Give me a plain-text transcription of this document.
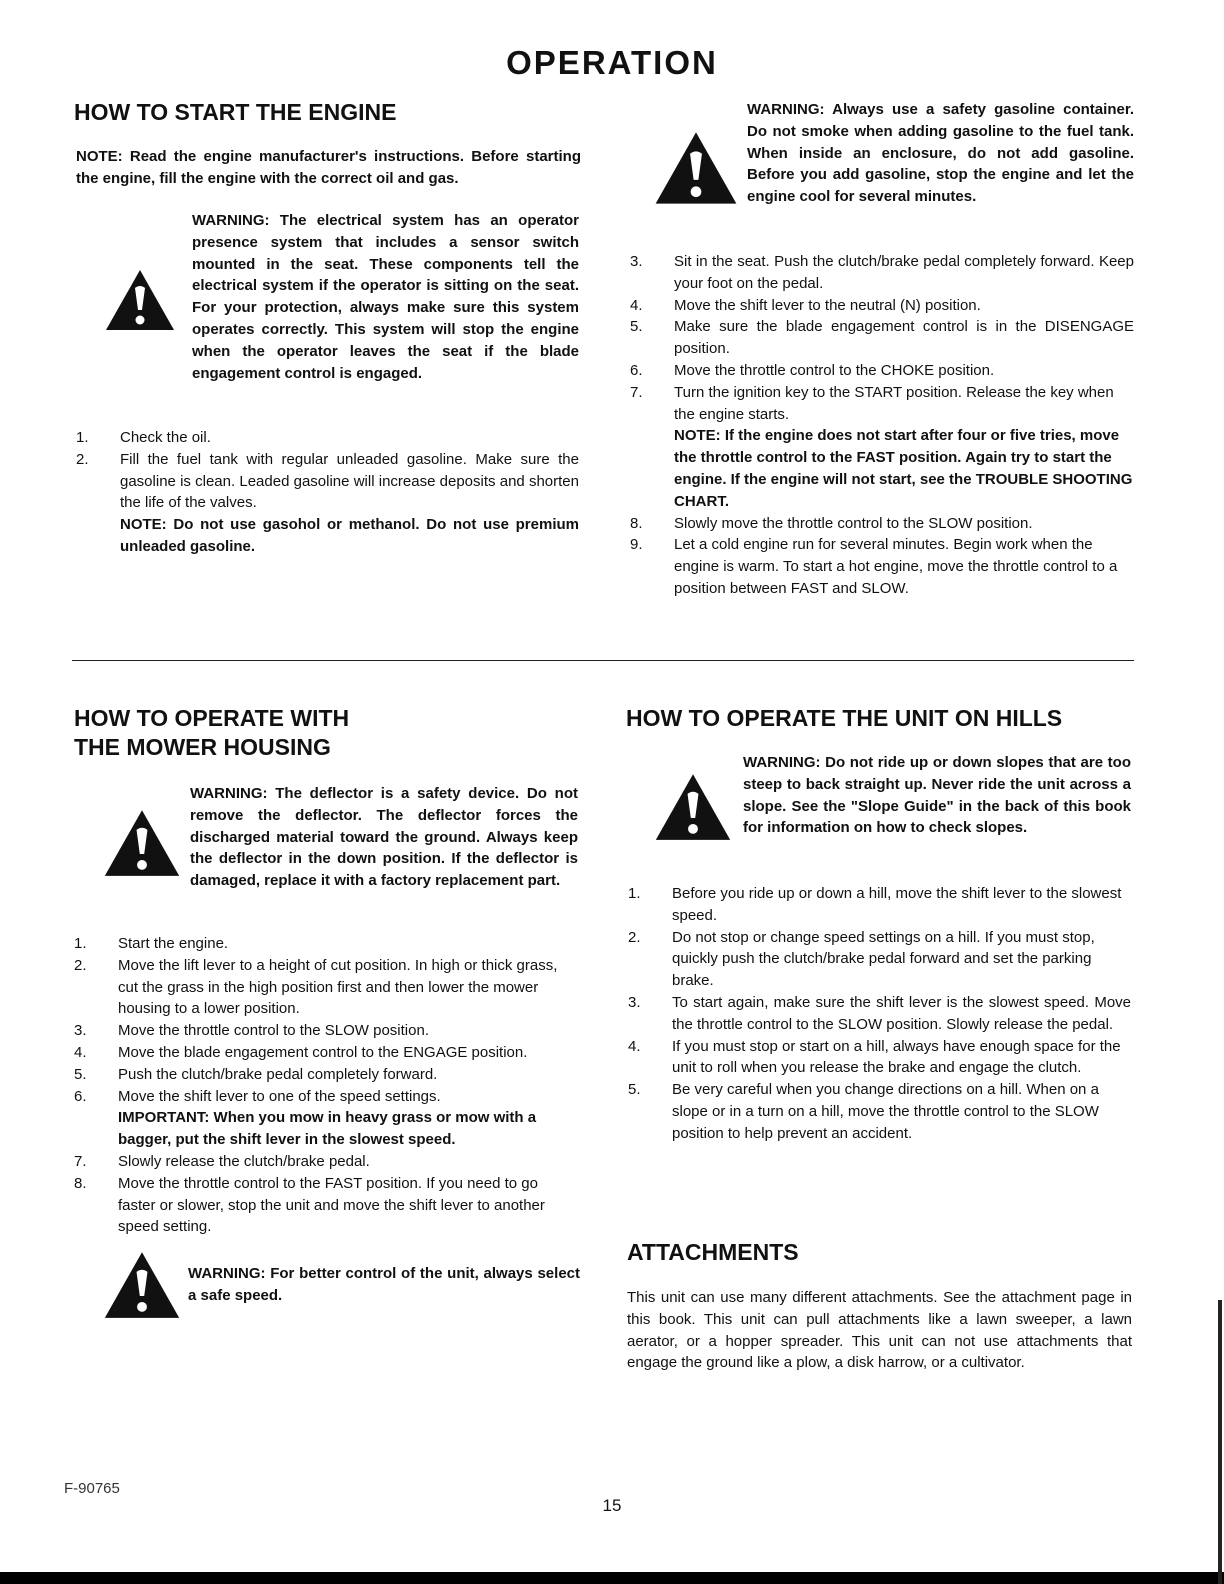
OPERATION
HOW TO START THE ENGINE
NOTE: Read the engine manufacturer's instructions. Before starting the engine, fill the engine with the correct oil and gas.
WARNING: The electrical system has an operator presence system that includes a sensor switch mounted in the seat. These components tell the electrical system if the operator is sitting on the seat. For your protection, always make sure this system operates correctly. This system will stop the engine when the operator leaves the seat if the blade engagement control is engaged.
1. Check the oil.
2. Fill the fuel tank with regular unleaded gasoline. Make sure the gasoline is clean. Leaded gasoline will increase deposits and shorten the life of the valves.
NOTE: Do not use gasohol or methanol. Do not use premium unleaded gasoline.
WARNING: Always use a safety gasoline container. Do not smoke when adding gasoline to the fuel tank. When inside an enclosure, do not add gasoline. Before you add gasoline, stop the engine and let the engine cool for several minutes.
3. Sit in the seat. Push the clutch/brake pedal completely forward. Keep your foot on the pedal.
4. Move the shift lever to the neutral (N) position.
5. Make sure the blade engagement control is in the DISENGAGE position.
6. Move the throttle control to the CHOKE position.
7. Turn the ignition key to the START position. Release the key when the engine starts.
NOTE: If the engine does not start after four or five tries, move the throttle control to the FAST position. Again try to start the engine. If the engine will not start, see the TROUBLE SHOOTING CHART.
8. Slowly move the throttle control to the SLOW position.
9. Let a cold engine run for several minutes. Begin work when the engine is warm. To start a hot engine, move the throttle control to a position between FAST and SLOW.
HOW TO OPERATE WITH
THE MOWER HOUSING
WARNING: The deflector is a safety device. Do not remove the deflector. The deflector forces the discharged material toward the ground. Always keep the deflector in the down position. If the deflector is damaged, replace it with a factory replacement part.
1. Start the engine.
2. Move the lift lever to a height of cut position. In high or thick grass, cut the grass in the high position first and then lower the mower housing to a lower position.
3. Move the throttle control to the SLOW position.
4. Move the blade engagement control to the ENGAGE position.
5. Push the clutch/brake pedal completely forward.
6. Move the shift lever to one of the speed settings.
IMPORTANT: When you mow in heavy grass or mow with a bagger, put the shift lever in the slowest speed.
7. Slowly release the clutch/brake pedal.
8. Move the throttle control to the FAST position. If you need to go faster or slower, stop the unit and move the shift lever to another speed setting.
WARNING: For better control of the unit, always select a safe speed.
HOW TO OPERATE THE UNIT ON HILLS
WARNING: Do not ride up or down slopes that are too steep to back straight up. Never ride the unit across a slope. See the "Slope Guide" in the back of this book for information on how to check slopes.
1. Before you ride up or down a hill, move the shift lever to the slowest speed.
2. Do not stop or change speed settings on a hill. If you must stop, quickly push the clutch/brake pedal forward and set the parking brake.
3. To start again, make sure the shift lever is the slowest speed. Move the throttle control to the SLOW position. Slowly release the pedal.
4. If you must stop or start on a hill, always have enough space for the unit to roll when you release the brake and engage the clutch.
5. Be very careful when you change directions on a hill. When on a slope or in a turn on a hill, move the throttle control to the SLOW position to help prevent an accident.
ATTACHMENTS
This unit can use many different attachments. See the attachment page in this book. This unit can pull attachments like a lawn sweeper, a lawn aerator, or a hopper spreader. This unit can not use attachments that engage the ground like a plow, a disk harrow, or a cultivator.
F-90765
15
